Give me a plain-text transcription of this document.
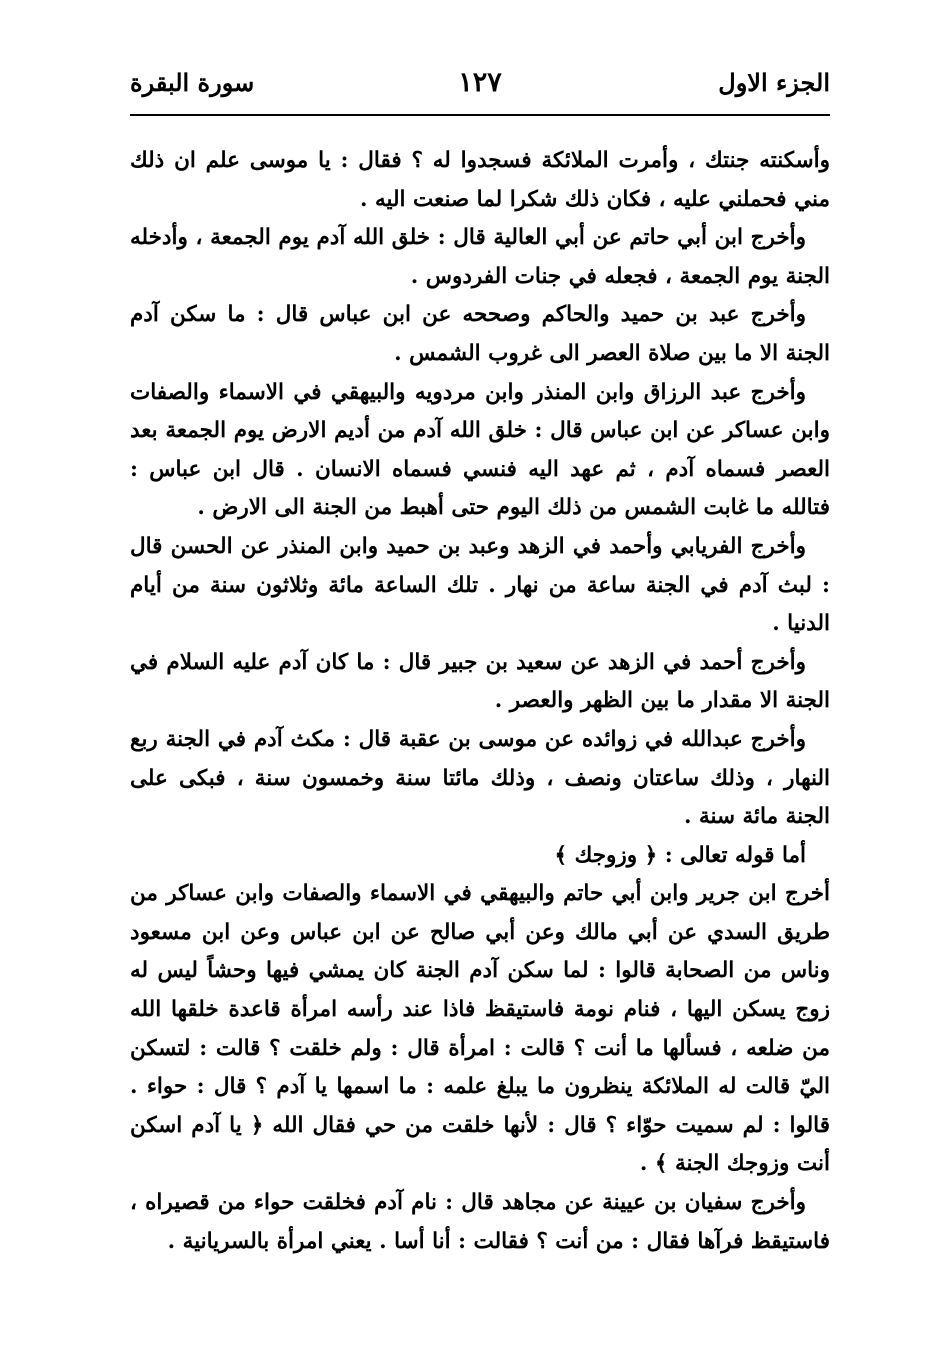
الجزء الاول
١٢٧
سورة البقرة

وأسكنته جنتك ، وأمرت الملائكة فسجدوا له ؟ فقال : يا موسى علم ان ذلك مني فحملني عليه ، فكان ذلك شكرا لما صنعت اليه .

وأخرج ابن أبي حاتم عن أبي العالية قال : خلق الله آدم يوم الجمعة ، وأدخله الجنة يوم الجمعة ، فجعله في جنات الفردوس .

وأخرج عبد بن حميد والحاكم وصححه عن ابن عباس قال : ما سكن آدم الجنة الا ما بين صلاة العصر الى غروب الشمس .

وأخرج عبد الرزاق وابن المنذر وابن مردويه والبيهقي في الاسماء والصفات وابن عساكر عن ابن عباس قال : خلق الله آدم من أديم الارض يوم الجمعة بعد العصر فسماه آدم ، ثم عهد اليه فنسي فسماه الانسان . قال ابن عباس : فتالله ما غابت الشمس من ذلك اليوم حتى أهبط من الجنة الى الارض .

وأخرج الفريابي وأحمد في الزهد وعبد بن حميد وابن المنذر عن الحسن قال : لبث آدم في الجنة ساعة من نهار . تلك الساعة مائة وثلاثون سنة من أيام الدنيا .

وأخرج أحمد في الزهد عن سعيد بن جبير قال : ما كان آدم عليه السلام في الجنة الا مقدار ما بين الظهر والعصر .

وأخرج عبدالله في زوائده عن موسى بن عقبة قال : مكث آدم في الجنة ربع النهار ، وذلك ساعتان ونصف ، وذلك مائتا سنة وخمسون سنة ، فبكى على الجنة مائة سنة .

أما قوله تعالى : ﴿ وزوجك ﴾

أخرج ابن جرير وابن أبي حاتم والبيهقي في الاسماء والصفات وابن عساكر من طريق السدي عن أبي مالك وعن أبي صالح عن ابن عباس وعن ابن مسعود وناس من الصحابة قالوا : لما سكن آدم الجنة كان يمشي فيها وحشاً ليس له زوج يسكن اليها ، فنام نومة فاستيقظ فاذا عند رأسه امرأة قاعدة خلقها الله من ضلعه ، فسألها ما أنت ؟ قالت : امرأة قال : ولم خلقت ؟ قالت : لتسكن اليّ قالت له الملائكة ينظرون ما يبلغ علمه : ما اسمها يا آدم ؟ قال : حواء . قالوا : لم سميت حوّاء ؟ قال : لأنها خلقت من حي فقال الله ﴿ يا آدم اسكن أنت وزوجك الجنة ﴾ .

وأخرج سفيان بن عيينة عن مجاهد قال : نام آدم فخلقت حواء من قصيراه ، فاستيقظ فرآها فقال : من أنت ؟ فقالت : أنا أسا . يعني امرأة بالسريانية .
